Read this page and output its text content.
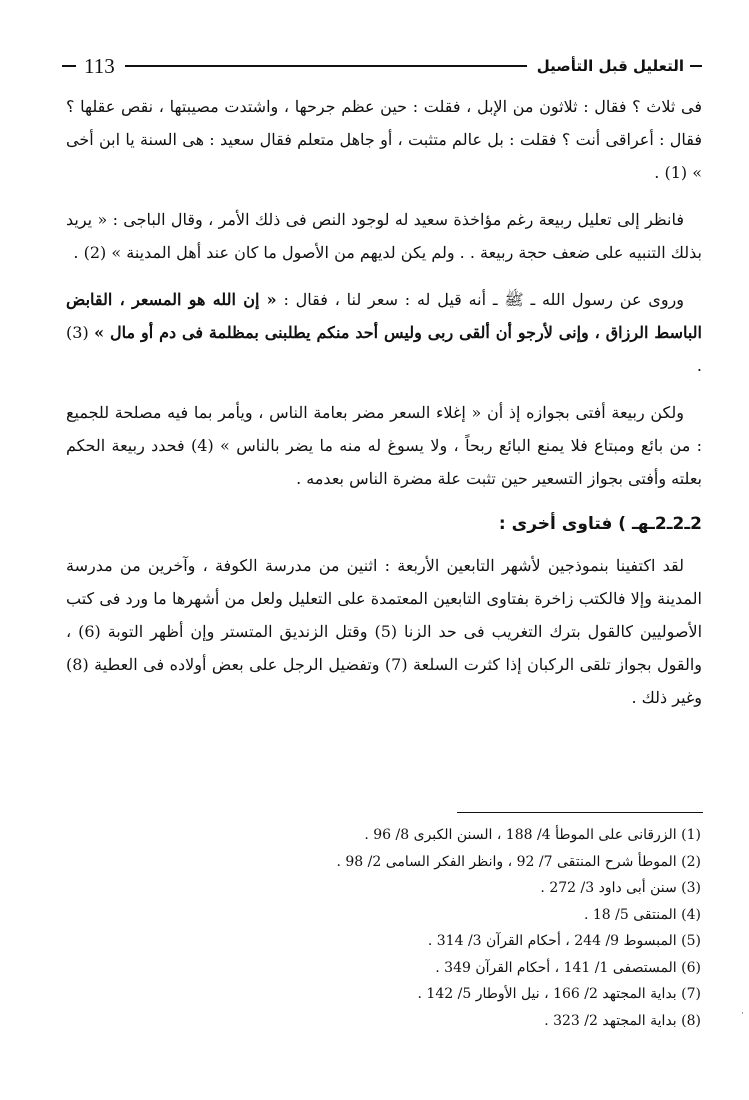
التعليل قبل التأصيل
113

فى ثلاث ؟ فقال : ثلاثون من الإبل ، فقلت : حين عظم جرحها ، واشتدت مصيبتها ، نقص عقلها ؟ فقال : أعراقى أنت ؟ فقلت : بل عالم متثبت ، أو جاهل متعلم فقال سعيد : هى السنة يا ابن أخى » (1) .

فانظر إلى تعليل ربيعة رغم مؤاخذة سعيد له لوجود النص فى ذلك الأمر ، وقال الباجى : « يريد بذلك التنبيه على ضعف حجة ربيعة . . ولم يكن لديهم من الأصول ما كان عند أهل المدينة » (2) .

وروى عن رسول الله ـ ﷺ ـ أنه قيل له : سعر لنا ، فقال : « إن الله هو المسعر ، القابض الباسط الرزاق ، وإنى لأرجو أن ألقى ربى وليس أحد منكم يطلبنى بمظلمة فى دم أو مال » (3) .

ولكن ربيعة أفتى بجوازه إذ أن « إغلاء السعر مضر بعامة الناس ، ويأمر بما فيه مصلحة للجميع : من بائع ومبتاع فلا يمنع البائع ربحاً ، ولا يسوغ له منه ما يضر بالناس » (4) فحدد ربيعة الحكم بعلته وأفتى بجواز التسعير حين تثبت علة مضرة الناس بعدمه .

2ـ2ـ2ـهـ ) فتاوى أخرى :

لقد اكتفينا بنموذجين لأشهر التابعين الأربعة : اثنين من مدرسة الكوفة ، وآخرين من مدرسة المدينة وإلا فالكتب زاخرة بفتاوى التابعين المعتمدة على التعليل ولعل من أشهرها ما ورد فى كتب الأصوليين كالقول بترك التغريب فى حد الزنا (5) وقتل الزنديق المتستر وإن أظهر التوبة (6) ، والقول بجواز تلقى الركبان إذا كثرت السلعة (7) وتفضيل الرجل على بعض أولاده فى العطية (8) وغير ذلك .

(1) الزرقانى على الموطأ 4/ 188 ، السنن الكبرى 8/ 96 .
(2) الموطأ شرح المنتقى 7/ 92 ، وانظر الفكر السامى 2/ 98 .
(3) سنن أبى داود 3/ 272 .
(4) المنتقى 5/ 18 .
(5) المبسوط 9/ 244 ، أحكام القرآن 3/ 314 .
(6) المستصفى 1/ 141 ، أحكام القرآن 349 .
(7) بداية المجتهد 2/ 166 ، نيل الأوطار 5/ 142 .
(8) بداية المجتهد 2/ 323 .	˙
